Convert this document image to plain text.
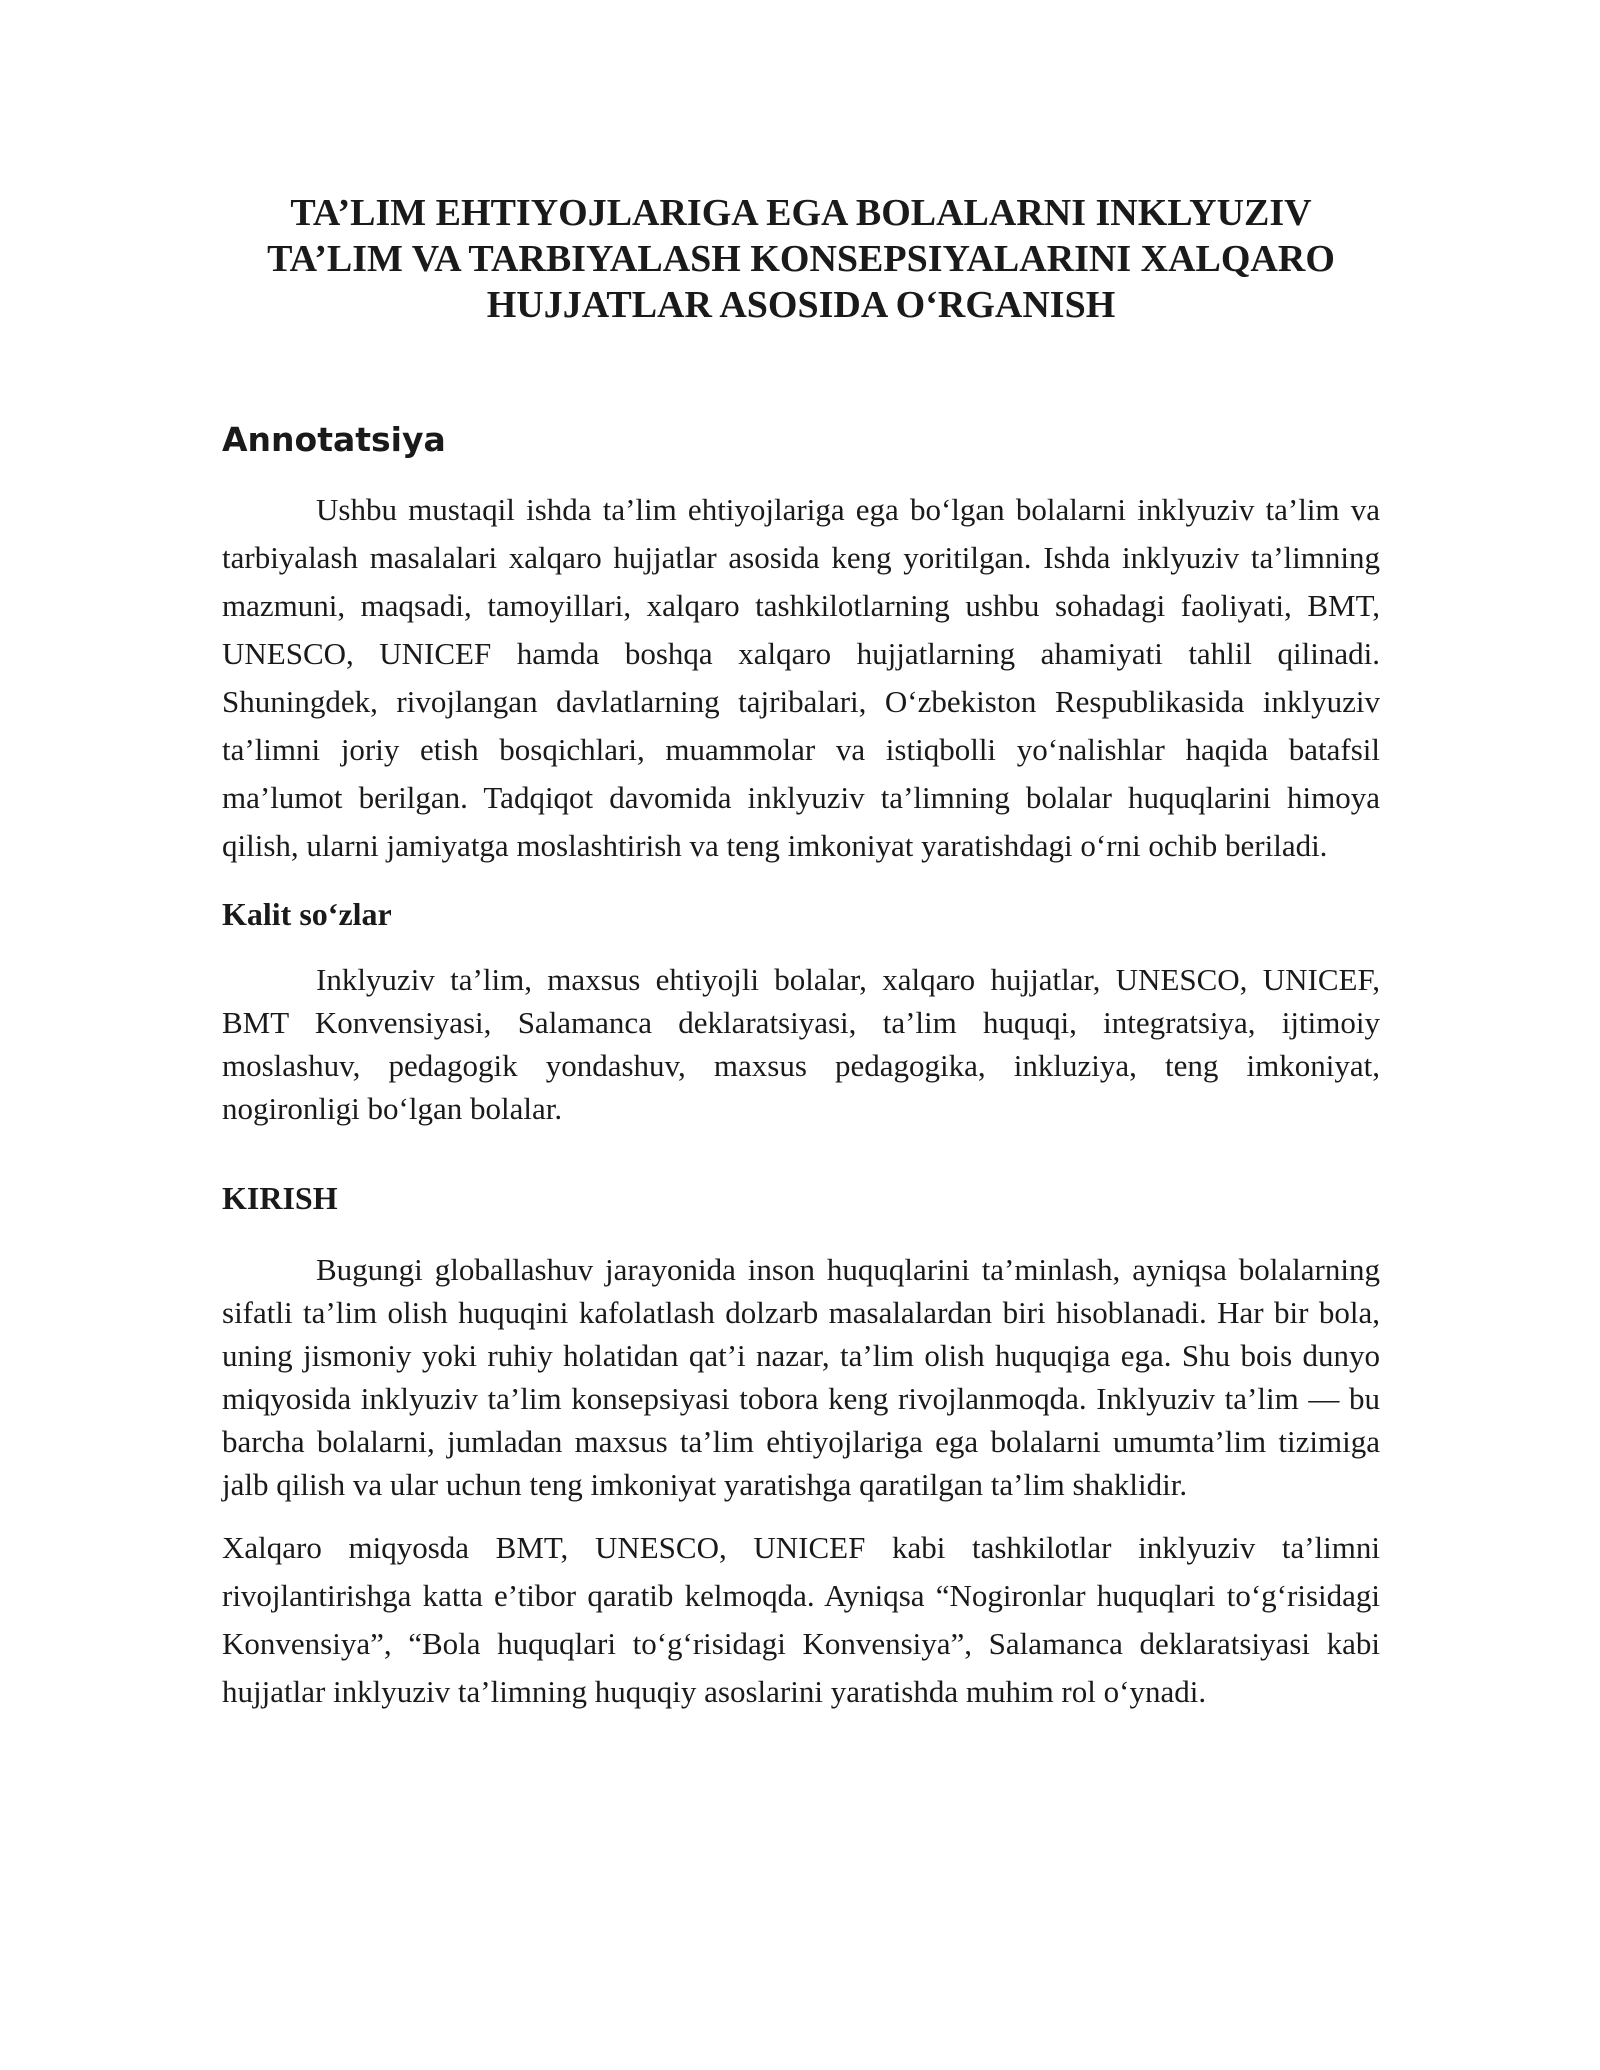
TA’LIM EHTIYOJLARIGA EGA BOLALARNI INKLYUZIV
TA’LIM VA TARBIYALASH KONSEPSIYALARINI XALQARO
HUJJATLAR ASOSIDA O‘RGANISH
Annotatsiya

Ushbu mustaqil ishda ta’lim ehtiyojlariga ega bo‘lgan bolalarni inklyuziv ta’lim va tarbiyalash masalalari xalqaro hujjatlar asosida keng yoritilgan. Ishda inklyuziv ta’limning mazmuni, maqsadi, tamoyillari, xalqaro tashkilotlarning ushbu sohadagi faoliyati, BMT, UNESCO, UNICEF hamda boshqa xalqaro hujjatlarning ahamiyati tahlil qilinadi. Shuningdek, rivojlangan davlatlarning tajribalari, O‘zbekiston Respublikasida inklyuziv ta’limni joriy etish bosqichlari, muammolar va istiqbolli yo‘nalishlar haqida batafsil ma’lumot berilgan. Tadqiqot davomida inklyuziv ta’limning bolalar huquqlarini himoya qilish, ularni jamiyatga moslashtirish va teng imkoniyat yaratishdagi o‘rni ochib beriladi.

Kalit so‘zlar

Inklyuziv ta’lim, maxsus ehtiyojli bolalar, xalqaro hujjatlar, UNESCO, UNICEF, BMT Konvensiyasi, Salamanca deklaratsiyasi, ta’lim huquqi, integratsiya, ijtimoiy moslashuv, pedagogik yondashuv, maxsus pedagogika, inkluziya, teng imkoniyat, nogironligi bo‘lgan bolalar.

KIRISH

Bugungi globallashuv jarayonida inson huquqlarini ta’minlash, ayniqsa bolalarning sifatli ta’lim olish huquqini kafolatlash dolzarb masalalardan biri hisoblanadi. Har bir bola, uning jismoniy yoki ruhiy holatidan qat’i nazar, ta’lim olish huquqiga ega. Shu bois dunyo miqyosida inklyuziv ta’lim konsepsiyasi tobora keng rivojlanmoqda. Inklyuziv ta’lim — bu barcha bolalarni, jumladan maxsus ta’lim ehtiyojlariga ega bolalarni umumta’lim tizimiga jalb qilish va ular uchun teng imkoniyat yaratishga qaratilgan ta’lim shaklidir.

Xalqaro miqyosda BMT, UNESCO, UNICEF kabi tashkilotlar inklyuziv ta’limni rivojlantirishga katta e’tibor qaratib kelmoqda. Ayniqsa “Nogironlar huquqlari to‘g‘risidagi Konvensiya”, “Bola huquqlari to‘g‘risidagi Konvensiya”, Salamanca deklaratsiyasi kabi hujjatlar inklyuziv ta’limning huquqiy asoslarini yaratishda muhim rol o‘ynadi.
